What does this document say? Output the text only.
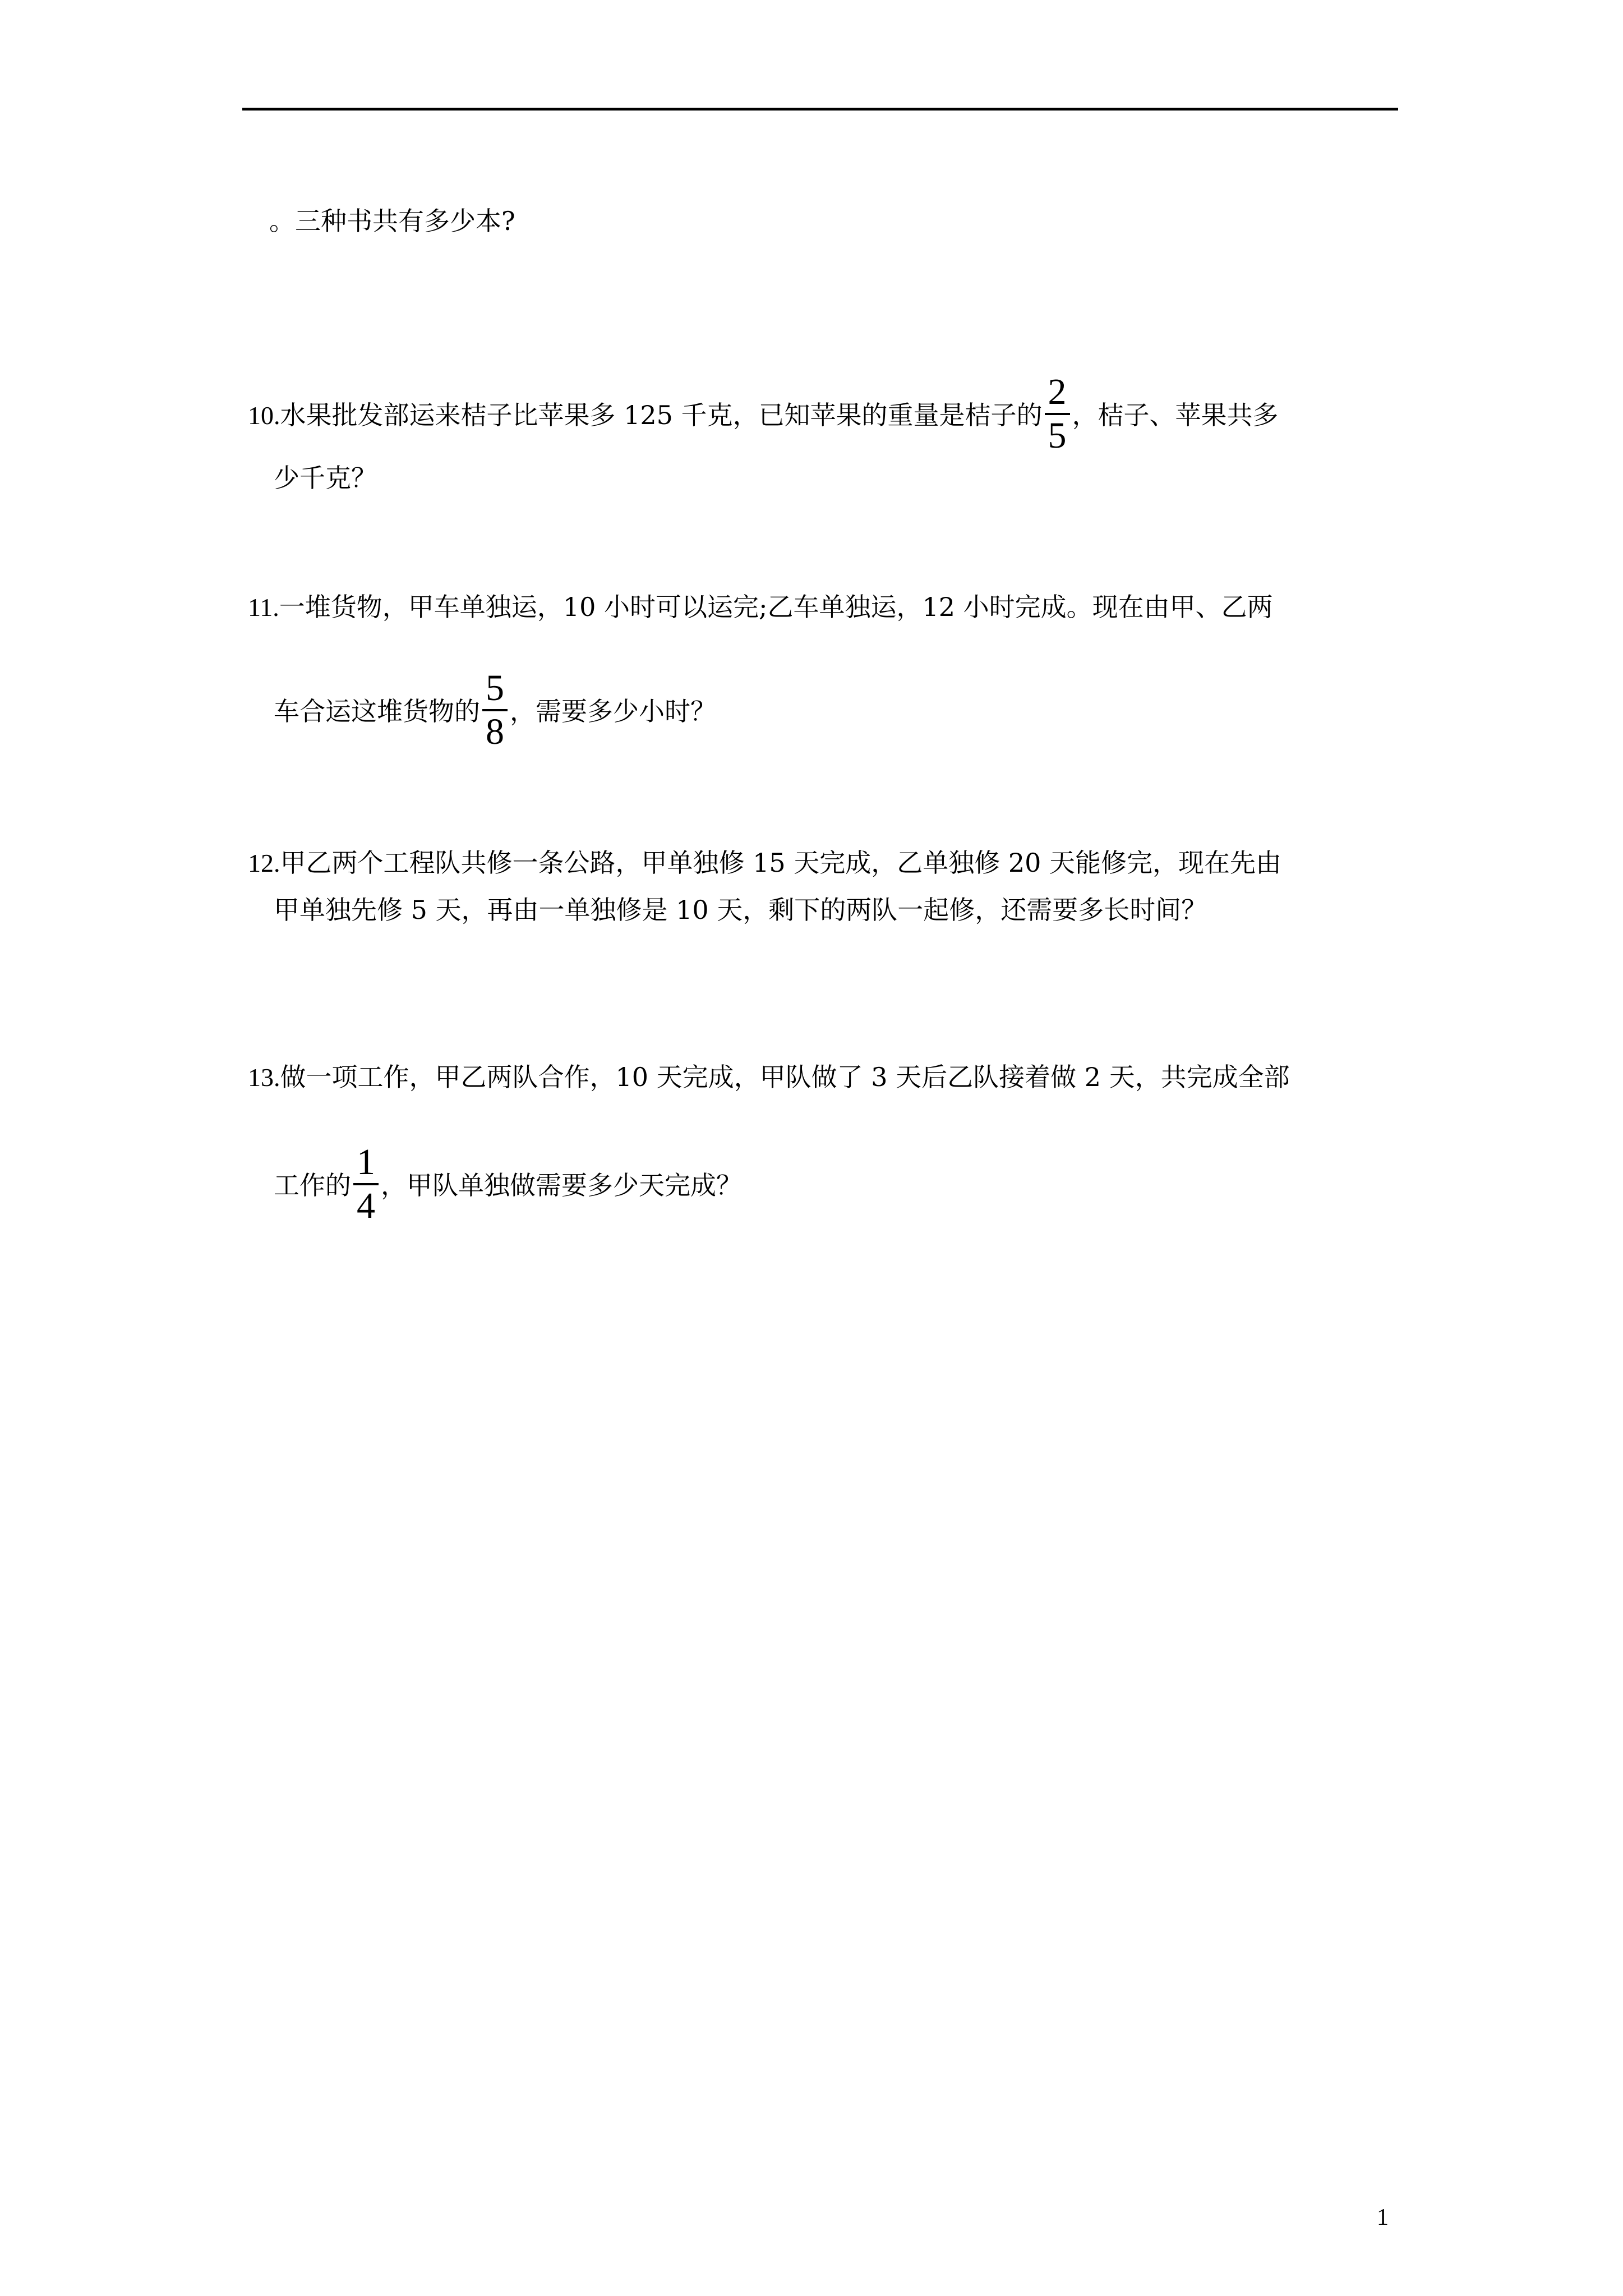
。三种书共有多少本?
10.水果批发部运来桔子比苹果多 125 千克，已知苹果的重量是桔子的 $\frac{2}{5}$ ，桔子、苹果共多
少千克？
11.一堆货物，甲车单独运，10 小时可以运完;乙车单独运，12 小时完成。现在由甲、乙两
车合运这堆货物的 $\frac{5}{8}$ ，需要多少小时？
12.甲乙两个工程队共修一条公路，甲单独修 15 天完成，乙单独修 20 天能修完，现在先由
甲单独先修 5 天，再由一单独修是 10 天，剩下的两队一起修，还需要多长时间？
13.做一项工作，甲乙两队合作，10 天完成，甲队做了 3 天后乙队接着做 2 天，共完成全部
工作的 $\frac{1}{4}$ ，甲队单独做需要多少天完成？
1
